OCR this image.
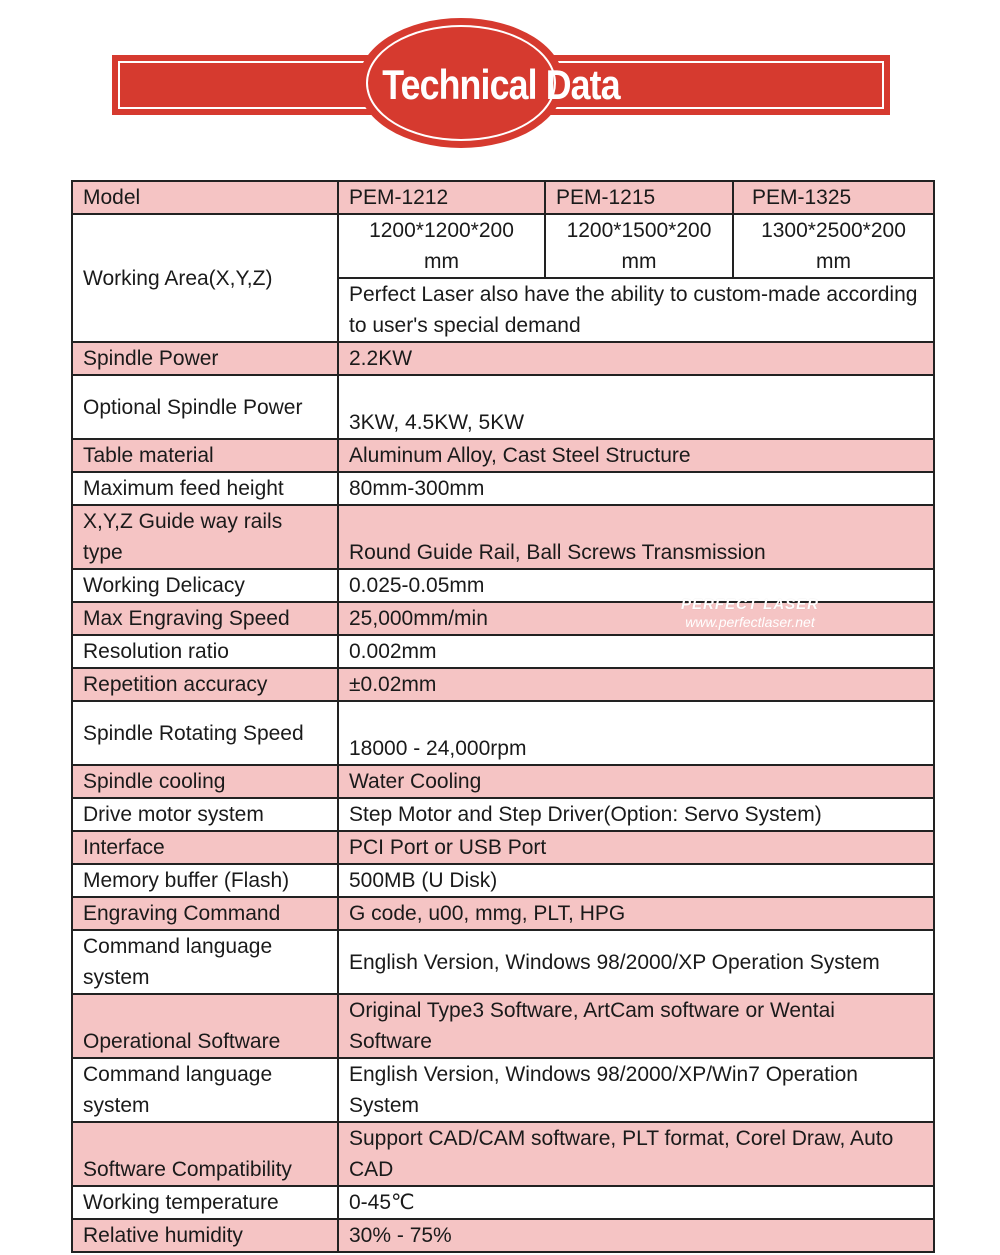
Technical Data
Model	PEM-1212	PEM-1215	PEM-1325
Working Area(X,Y,Z)	1200*1200*200 mm	1200*1500*200 mm	1300*2500*200 mm
	Perfect Laser also have the ability to custom-made according to user's special demand		
Spindle Power	2.2KW		
Optional Spindle Power	3KW, 4.5KW, 5KW		
Table material	Aluminum Alloy, Cast Steel Structure		
Maximum feed height	80mm-300mm		
X,Y,Z Guide way rails type	Round Guide Rail, Ball Screws Transmission		
Working Delicacy	0.025-0.05mm		
Max Engraving Speed	25,000mm/min		
Resolution ratio	0.002mm		
Repetition accuracy	±0.02mm		
Spindle Rotating Speed	18000 - 24,000rpm		
Spindle cooling	Water Cooling		
Drive motor system	Step Motor and Step Driver(Option: Servo System)		
Interface	PCI Port or USB Port		
Memory buffer (Flash)	500MB (U Disk)		
Engraving Command	G code, u00, mmg, PLT, HPG		
Command language system	English Version, Windows 98/2000/XP Operation System		
Operational Software	Original Type3 Software, ArtCam software or Wentai Software		
Command language system	English Version, Windows 98/2000/XP/Win7 Operation System		
Software Compatibility	Support CAD/CAM software, PLT format, Corel Draw, Auto CAD		
Working temperature	0-45℃		
Relative humidity	30% - 75%		
PERFECT LASER
www.perfectlaser.net
